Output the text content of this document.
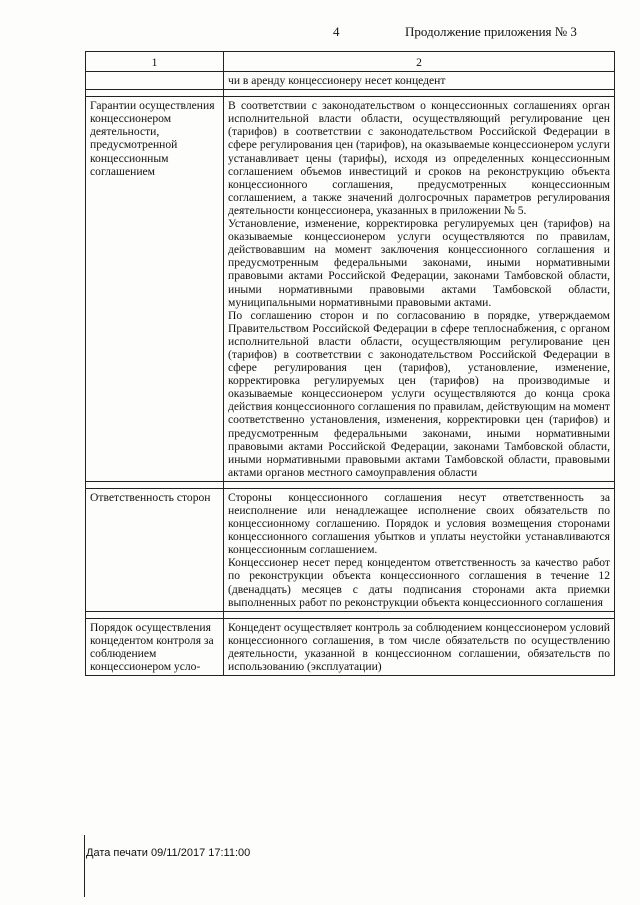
4	Продолжение приложения № 3
1	2
	чи в аренду концессионеру несет концедент

Гарантии осуществления концессионером деятельности, предусмотренной концессионным соглашением	В соответствии с законодательством о концессионных соглашениях орган исполнительной власти области, осуществляющий регулирование цен (тарифов) в соответствии с законодательством Российской Федерации в сфере регулирования цен (тарифов), на оказываемые концессионером услуги устанавливает цены (тарифы), исходя из определенных концессионным соглашением объемов инвестиций и сроков на реконструкцию объекта концессионного соглашения, предусмотренных концессионным соглашением, а также значений долгосрочных параметров регулирования деятельности концессионера, указанных в приложении № 5.

Установление, изменение, корректировка регулируемых цен (тарифов) на оказываемые концессионером услуги осуществляются по правилам, действовавшим на момент заключения концессионного соглашения и предусмотренным федеральными законами, иными нормативными правовыми актами Российской Федерации, законами Тамбовской области, иными нормативными правовыми актами Тамбовской области, муниципальными нормативными правовыми актами.

По соглашению сторон и по согласованию в порядке, утверждаемом Правительством Российской Федерации в сфере теплоснабжения, с органом исполнительной власти области, осуществляющим регулирование цен (тарифов) в соответствии с законодательством Российской Федерации в сфере регулирования цен (тарифов), установление, изменение, корректировка регулируемых цен (тарифов) на производимые и оказываемые концессионером услуги осуществляются до конца срока действия концессионного соглашения по правилам, действующим на момент соответственно установления, изменения, корректировки цен (тарифов) и предусмотренным федеральными законами, иными нормативными правовыми актами Российской Федерации, законами Тамбовской области, иными нормативными правовыми актами Тамбовской области, правовыми актами органов местного самоуправления области

Ответственность сторон	Стороны концессионного соглашения несут ответственность за неисполнение или ненадлежащее исполнение своих обязательств по концессионному соглашению. Порядок и условия возмещения сторонами концессионного соглашения убытков и уплаты неустойки устанавливаются концессионным соглашением.

Концессионер несет перед концедентом ответственность за качество работ по реконструкции объекта концессионного соглашения в течение 12 (двенадцать) месяцев с даты подписания сторонами акта приемки выполненных работ по реконструкции объекта концессионного соглашения

Порядок осуществления концедентом контроля за соблюдением концессионером усло-	Концедент осуществляет контроль за соблюдением концессионером условий концессионного соглашения, в том числе обязательств по осуществлению деятельности, указанной в концессионном соглашении, обязательств по использованию (эксплуатации)

Дата печати 09/11/2017 17:11:00
